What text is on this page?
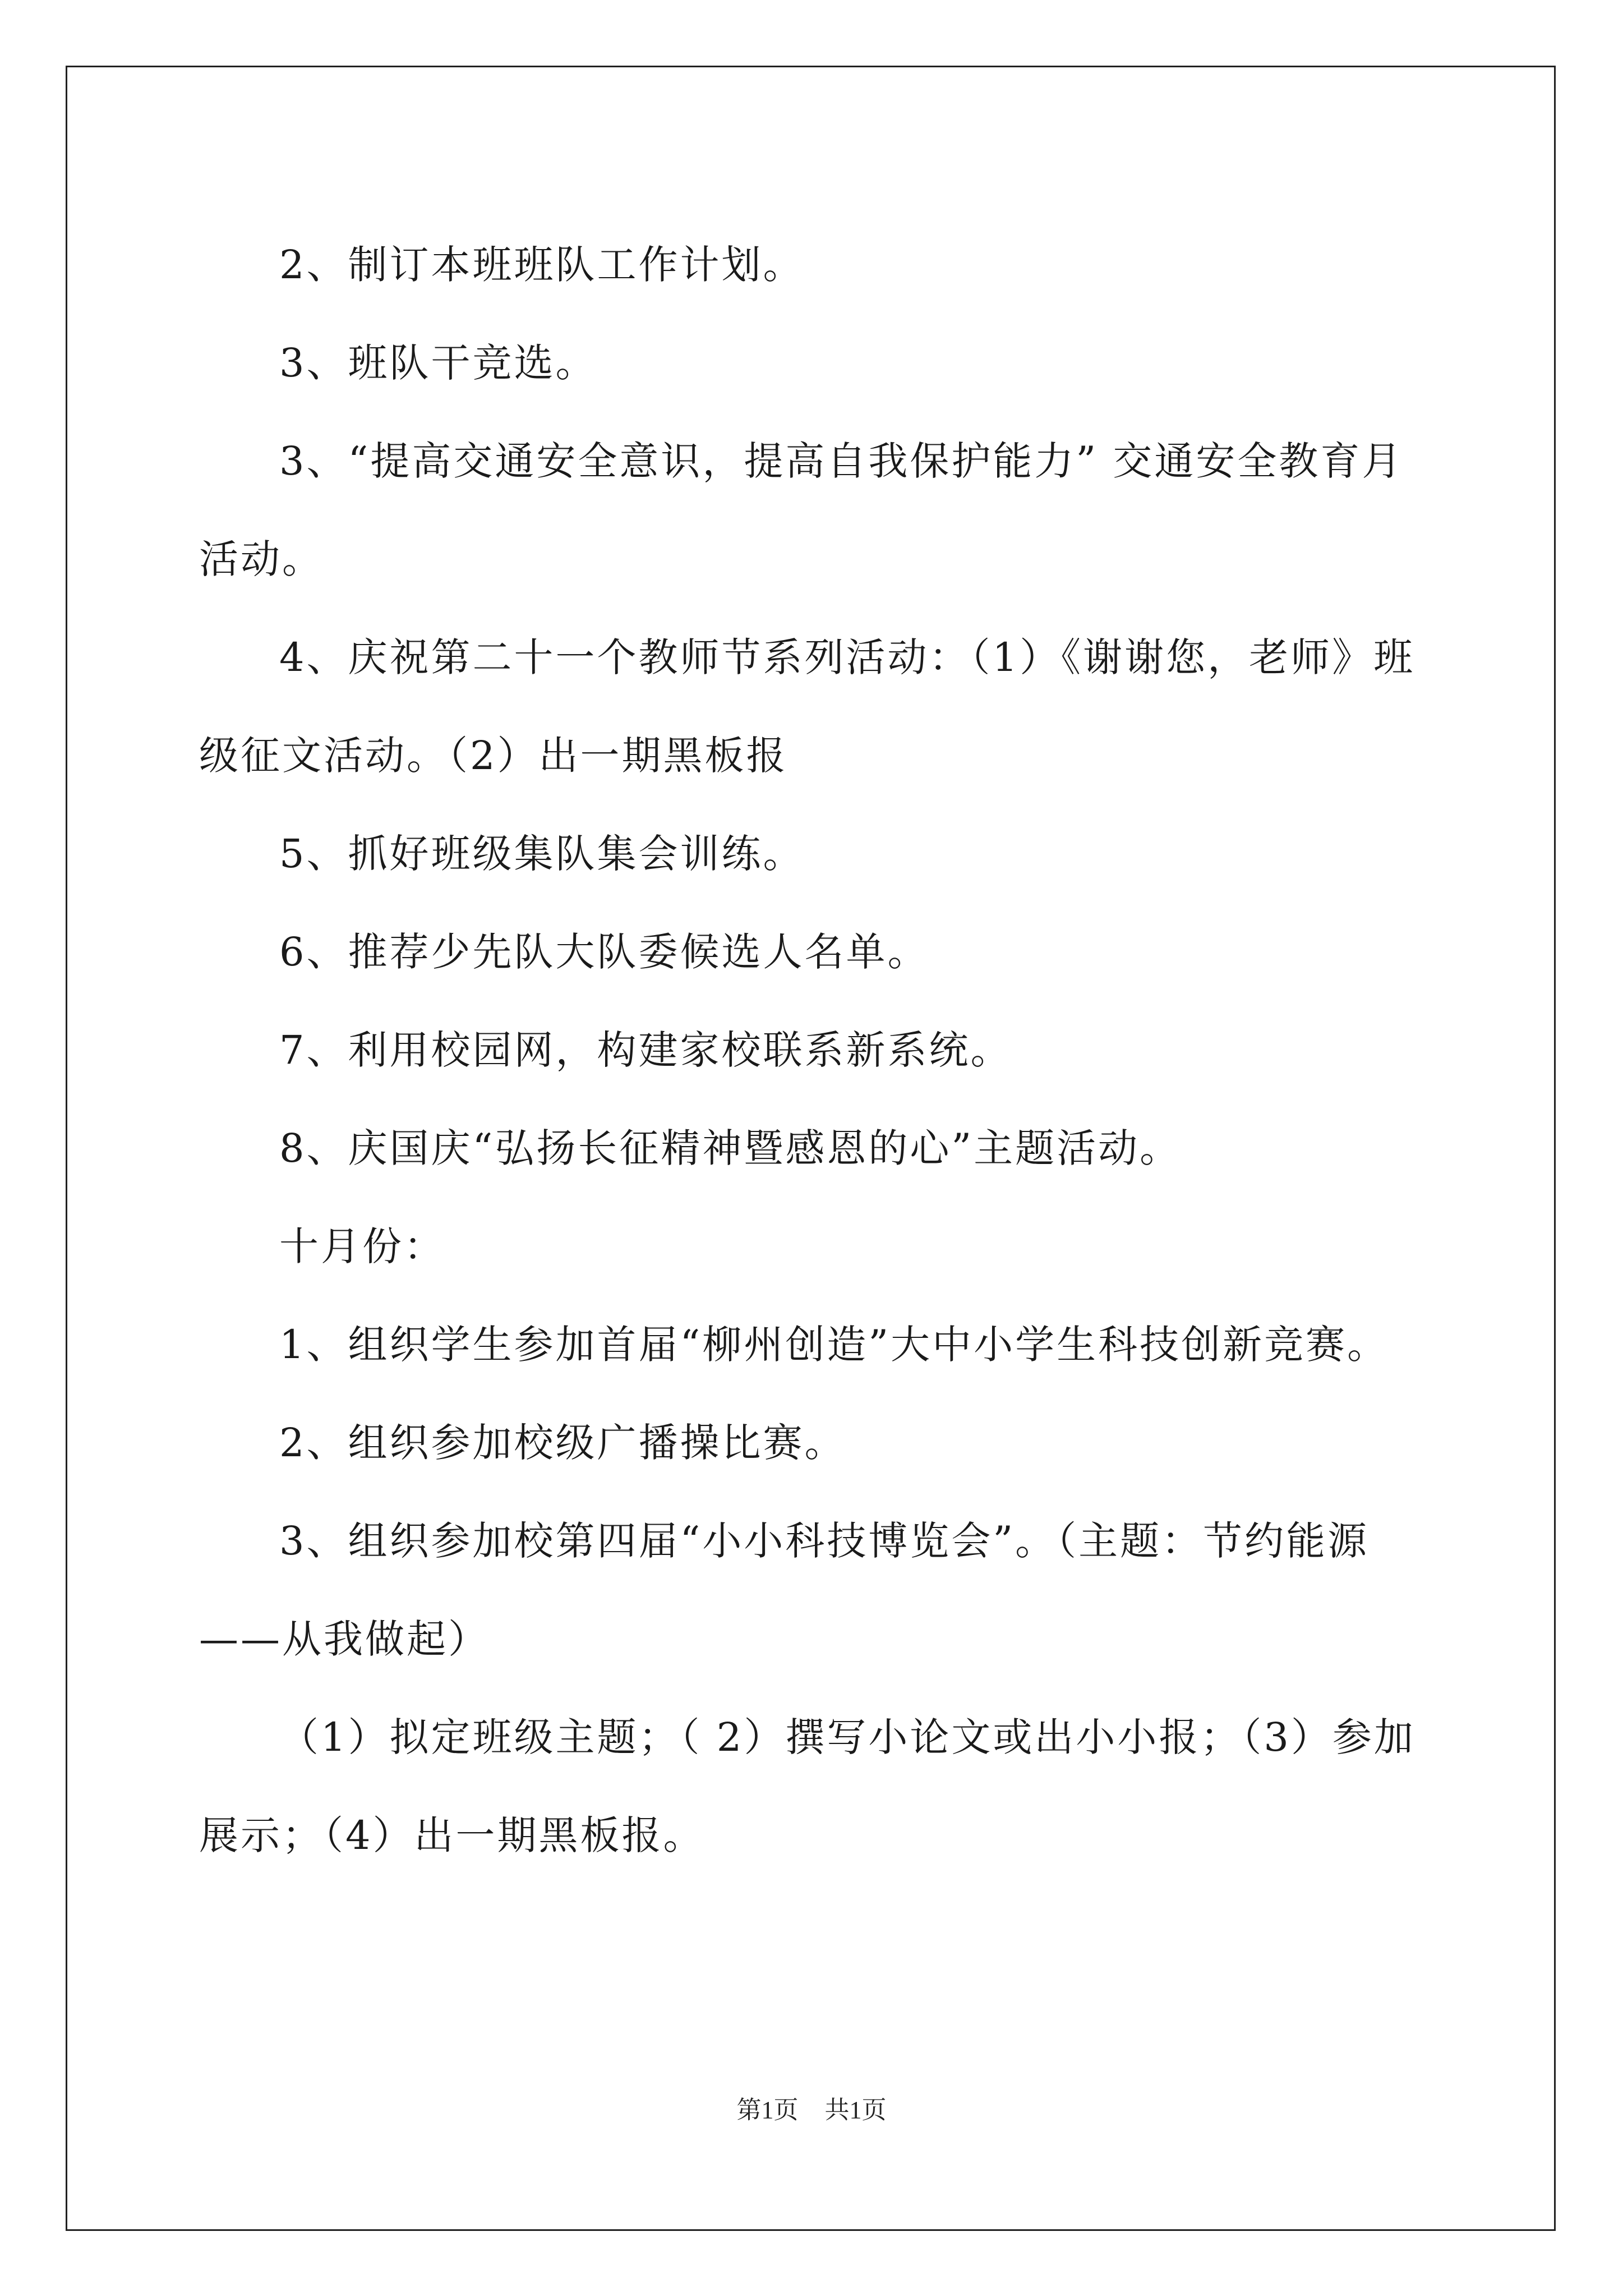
2、制订本班班队工作计划。

3、班队干竞选。

3、“提高交通安全意识，提高自我保护能力” 交通安全教育月活动。

4、庆祝第二十一个教师节系列活动：（1）《谢谢您，老师》班级征文活动。（2）出一期黑板报

5、抓好班级集队集会训练。

6、推荐少先队大队委候选人名单。

7、利用校园网，构建家校联系新系统。

8、庆国庆“弘扬长征精神暨感恩的心”主题活动。

十月份：

1、组织学生参加首届“柳州创造”大中小学生科技创新竞赛。

2、组织参加校级广播操比赛。

3、组织参加校第四届“小小科技博览会”。（主题：节约能源——从我做起）

（1）拟定班级主题；（ 2）撰写小论文或出小小报；（3）参加展示；（4）出一期黑板报。

第1页 共1页
